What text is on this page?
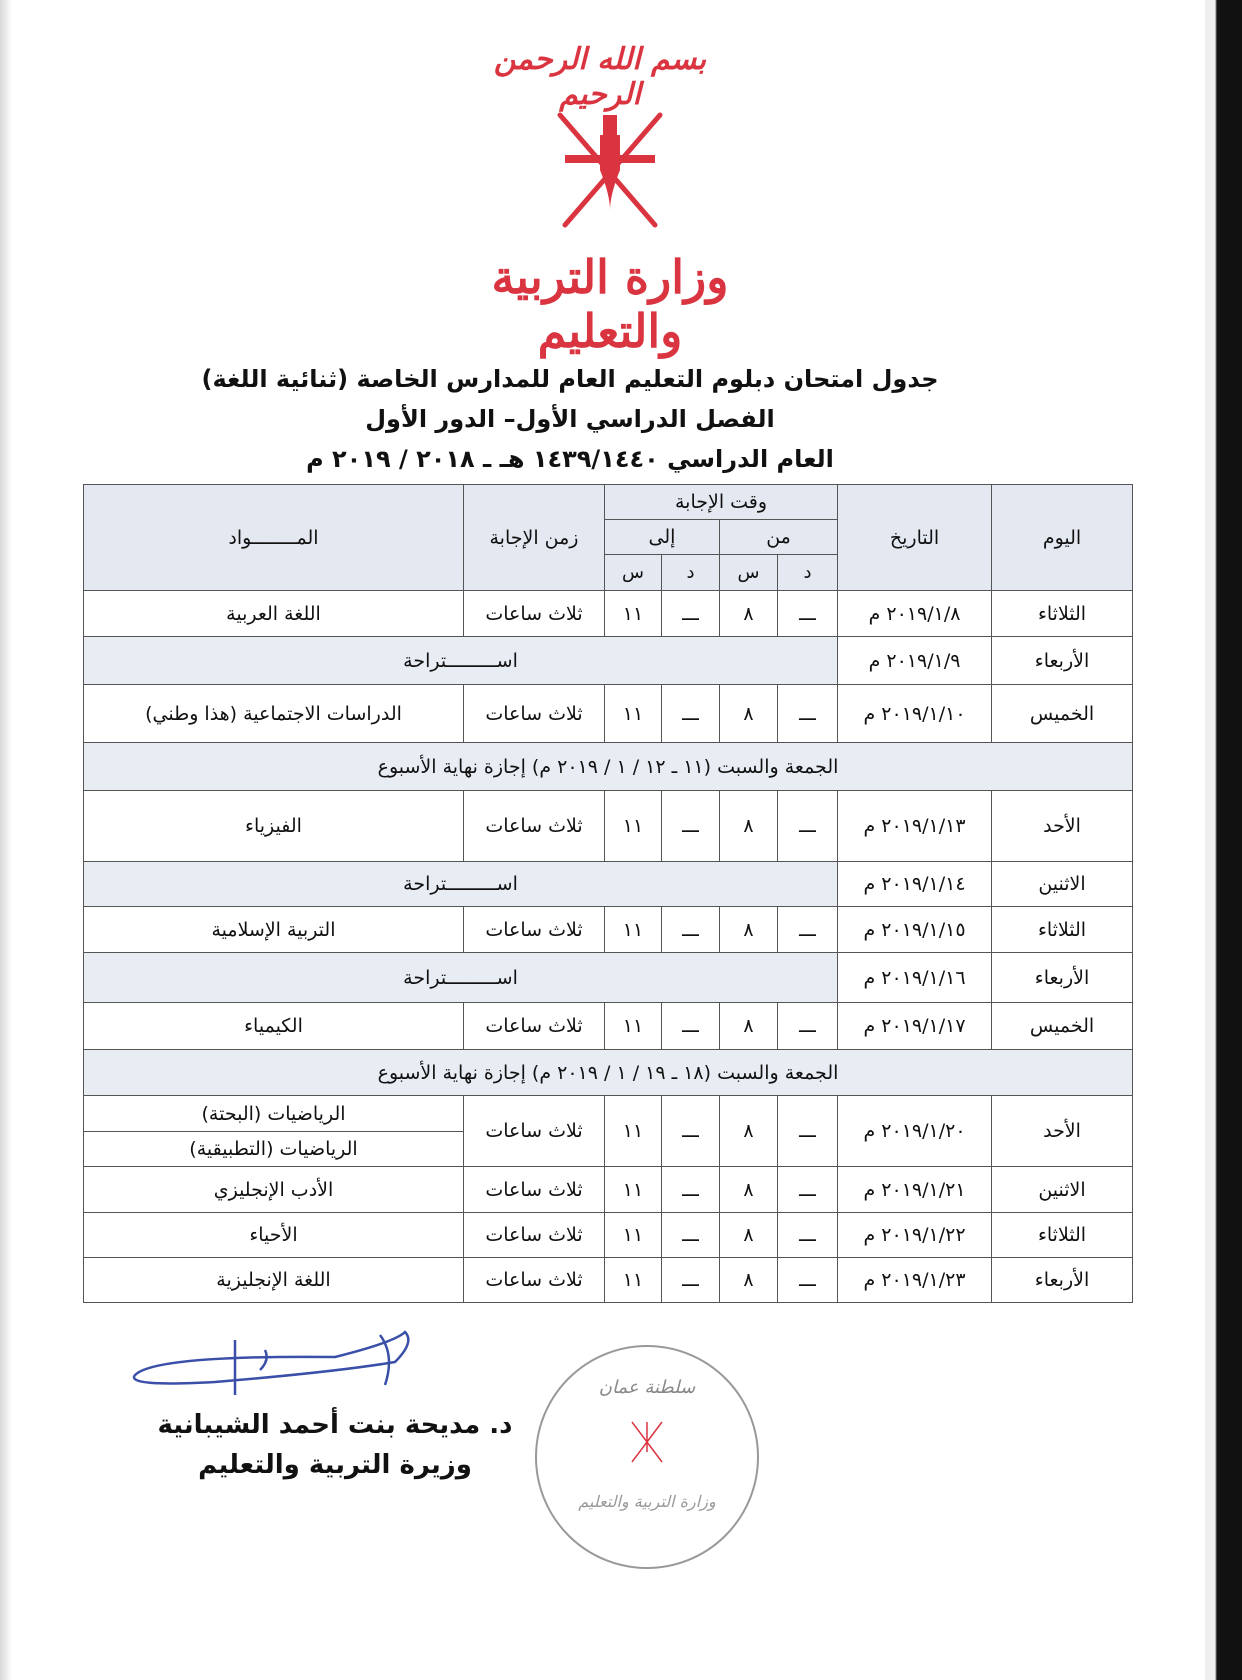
بسم الله الرحمن الرحيم
وزارة التربية والتعليم
جدول امتحان دبلوم التعليم العام للمدارس الخاصة (ثنائية اللغة)
الفصل الدراسي الأول– الدور الأول
العام الدراسي ١٤٣٩/١٤٤٠ هـ ـ ٢٠١٨ / ٢٠١٩ م
اليوم	التاريخ	وقت الإجابة				زمن الإجابة	المــــــــواد
		من		إلى			
		د	س	د	س		
الثلاثاء	٢٠١٩/١/٨ م	ـــ	٨	ـــ	١١	ثلاث ساعات	اللغة العربية
الأربعاء	٢٠١٩/١/٩ م	اســـــــــتراحة					
الخميس	٢٠١٩/١/١٠ م	ـــ	٨	ـــ	١١	ثلاث ساعات	الدراسات الاجتماعية (هذا وطني)
الجمعة والسبت (١١ ـ ١٢ / ١ / ٢٠١٩ م) إجازة نهاية الأسبوع							
الأحد	٢٠١٩/١/١٣ م	ـــ	٨	ـــ	١١	ثلاث ساعات	الفيزياء
الاثنين	٢٠١٩/١/١٤ م	اســـــــــتراحة					
الثلاثاء	٢٠١٩/١/١٥ م	ـــ	٨	ـــ	١١	ثلاث ساعات	التربية الإسلامية
الأربعاء	٢٠١٩/١/١٦ م	اســـــــــتراحة					
الخميس	٢٠١٩/١/١٧ م	ـــ	٨	ـــ	١١	ثلاث ساعات	الكيمياء
الجمعة والسبت (١٨ ـ ١٩ / ١ / ٢٠١٩ م) إجازة نهاية الأسبوع							
الأحد	٢٠١٩/١/٢٠ م	ـــ	٨	ـــ	١١	ثلاث ساعات	الرياضيات (البحتة)
الرياضيات (التطبيقية)

الاثنين	٢٠١٩/١/٢١ م	ـــ	٨	ـــ	١١	ثلاث ساعات	الأدب الإنجليزي
الثلاثاء	٢٠١٩/١/٢٢ م	ـــ	٨	ـــ	١١	ثلاث ساعات	الأحياء
الأربعاء	٢٠١٩/١/٢٣ م	ـــ	٨	ـــ	١١	ثلاث ساعات	اللغة الإنجليزية
د. مديحة بنت أحمد الشيبانية
وزيرة التربية والتعليم
سلطنة عمان
وزارة التربية والتعليم
